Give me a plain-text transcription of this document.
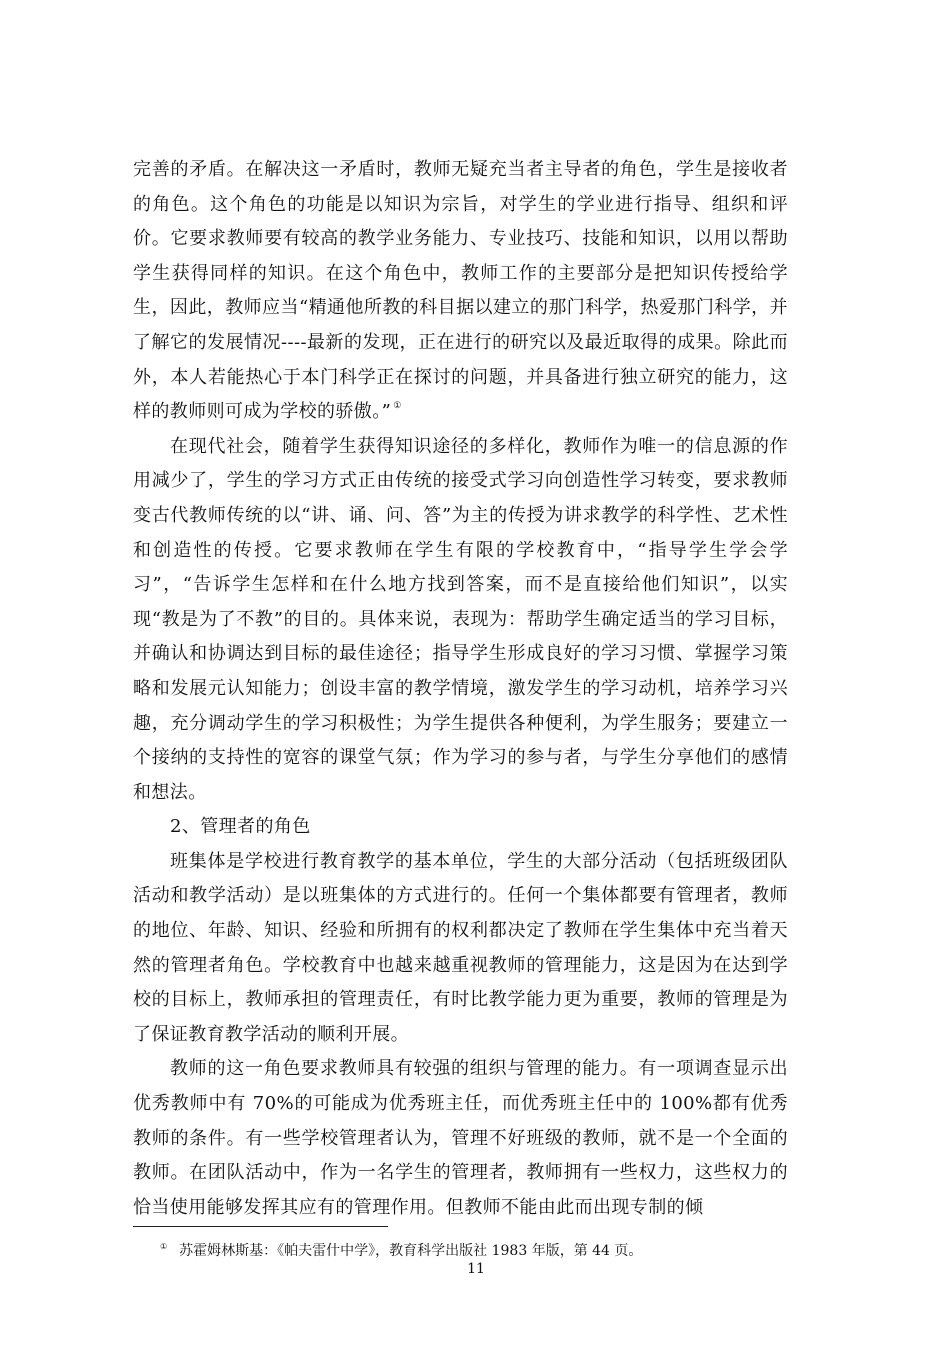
完善的矛盾。在解决这一矛盾时，教师无疑充当者主导者的角色，学生是接收者的角色。这个角色的功能是以知识为宗旨，对学生的学业进行指导、组织和评价。它要求教师要有较高的教学业务能力、专业技巧、技能和知识，以用以帮助学生获得同样的知识。在这个角色中，教师工作的主要部分是把知识传授给学生，因此，教师应当“精通他所教的科目据以建立的那门科学，热爱那门科学，并了解它的发展情况----最新的发现，正在进行的研究以及最近取得的成果。除此而外，本人若能热心于本门科学正在探讨的问题，并具备进行独立研究的能力，这样的教师则可成为学校的骄傲。” ①

在现代社会，随着学生获得知识途径的多样化，教师作为唯一的信息源的作用减少了，学生的学习方式正由传统的接受式学习向创造性学习转变，要求教师变古代教师传统的以“讲、诵、问、答”为主的传授为讲求教学的科学性、艺术性和创造性的传授。它要求教师在学生有限的学校教育中，“指导学生学会学习”，“告诉学生怎样和在什么地方找到答案，而不是直接给他们知识”，以实现“教是为了不教”的目的。具体来说，表现为：帮助学生确定适当的学习目标，并确认和协调达到目标的最佳途径；指导学生形成良好的学习习惯、掌握学习策略和发展元认知能力；创设丰富的教学情境，激发学生的学习动机，培养学习兴趣，充分调动学生的学习积极性；为学生提供各种便利，为学生服务；要建立一个接纳的支持性的宽容的课堂气氛；作为学习的参与者，与学生分享他们的感情和想法。

2、管理者的角色

班集体是学校进行教育教学的基本单位，学生的大部分活动（包括班级团队活动和教学活动）是以班集体的方式进行的。任何一个集体都要有管理者，教师的地位、年龄、知识、经验和所拥有的权利都决定了教师在学生集体中充当着天然的管理者角色。学校教育中也越来越重视教师的管理能力，这是因为在达到学校的目标上，教师承担的管理责任，有时比教学能力更为重要，教师的管理是为了保证教育教学活动的顺利开展。

教师的这一角色要求教师具有较强的组织与管理的能力。有一项调查显示出优秀教师中有 70%的可能成为优秀班主任，而优秀班主任中的 100%都有优秀教师的条件。有一些学校管理者认为，管理不好班级的教师，就不是一个全面的教师。在团队活动中，作为一名学生的管理者，教师拥有一些权力，这些权力的恰当使用能够发挥其应有的管理作用。但教师不能由此而出现专制的倾

① 苏霍姆林斯基：《帕夫雷什中学》，教育科学出版社 1983 年版，第 44 页。
11
